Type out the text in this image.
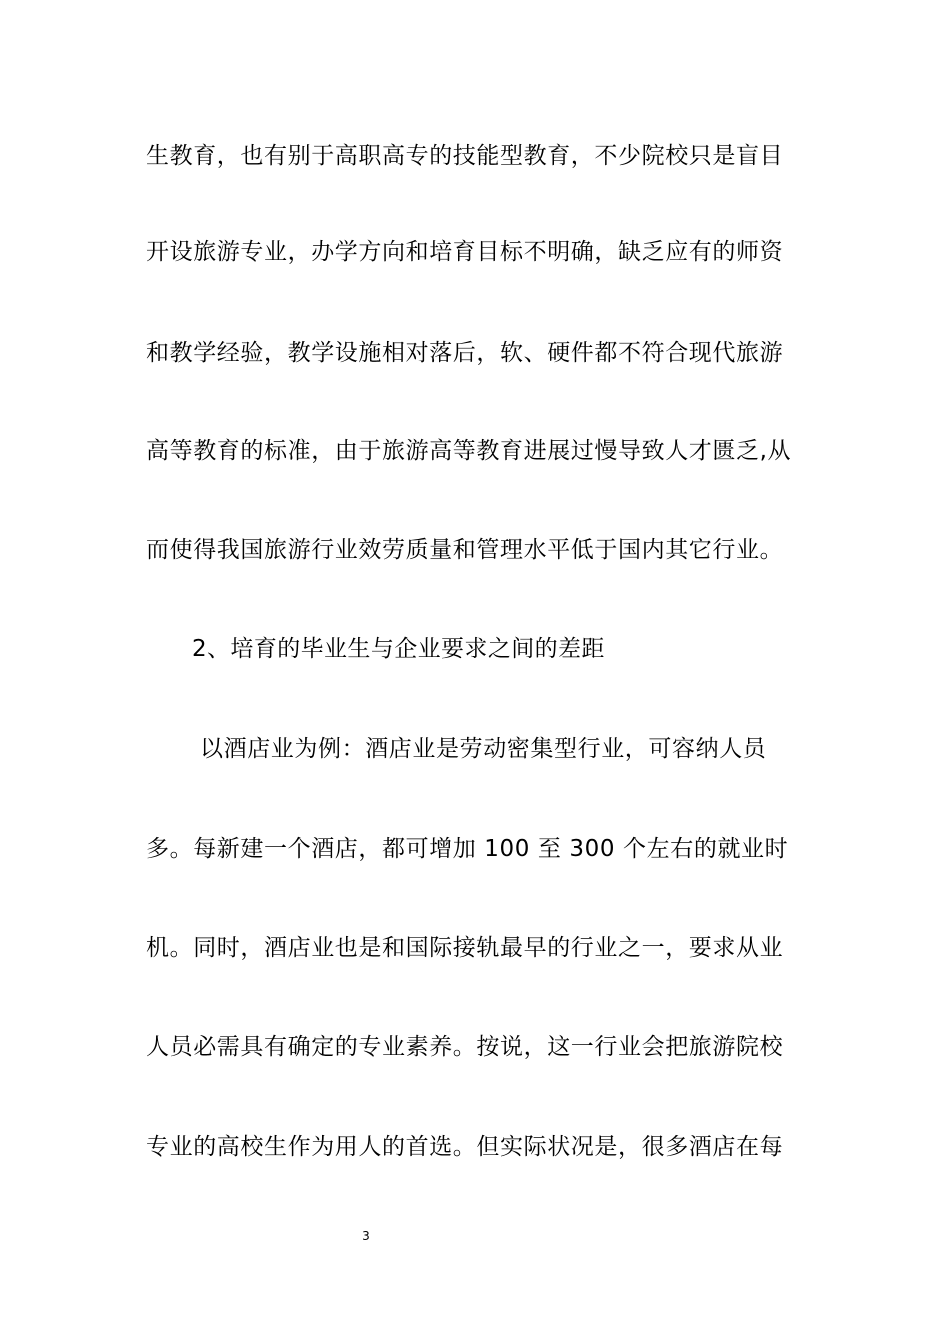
生教育，也有别于高职高专的技能型教育，不少院校只是盲目
开设旅游专业，办学方向和培育目标不明确，缺乏应有的师资
和教学经验，教学设施相对落后，软、硬件都不符合现代旅游
高等教育的标准，由于旅游高等教育进展过慢导致人才匮乏,从
而使得我国旅游行业效劳质量和管理水平低于国内其它行业。
2、培育的毕业生与企业要求之间的差距
以酒店业为例：酒店业是劳动密集型行业，可容纳人员
多。每新建一个酒店，都可增加 100 至 300 个左右的就业时
机。同时，酒店业也是和国际接轨最早的行业之一，要求从业
人员必需具有确定的专业素养。按说，这一行业会把旅游院校
专业的高校生作为用人的首选。但实际状况是，很多酒店在每
3
